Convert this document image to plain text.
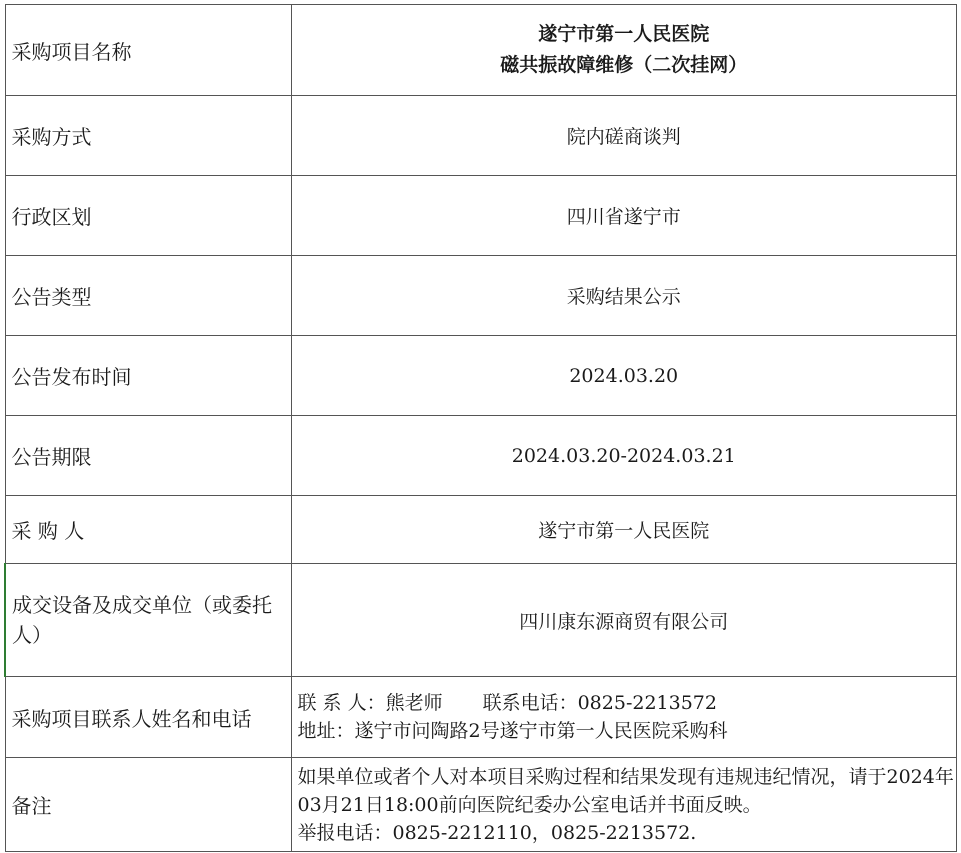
采购项目名称	遂宁市第一人民医院
磁共振故障维修（二次挂网）

采购方式	院内磋商谈判
行政区划	四川省遂宁市
公告类型	采购结果公示
公告发布时间	2024.03.20
公告期限	2024.03.20-2024.03.21
采 购 人	遂宁市第一人民医院
成交设备及成交单位（或委托人）	四川康东源商贸有限公司
采购项目联系人姓名和电话	联 系 人：熊老师 联系电话：0825-2213572
地址：遂宁市问陶路2号遂宁市第一人民医院采购科

备注	如果单位或者个人对本项目采购过程和结果发现有违规违纪情况，请于2024年03月21日18:00前向医院纪委办公室电话并书面反映。
举报电话：0825-2212110，0825-2213572.
